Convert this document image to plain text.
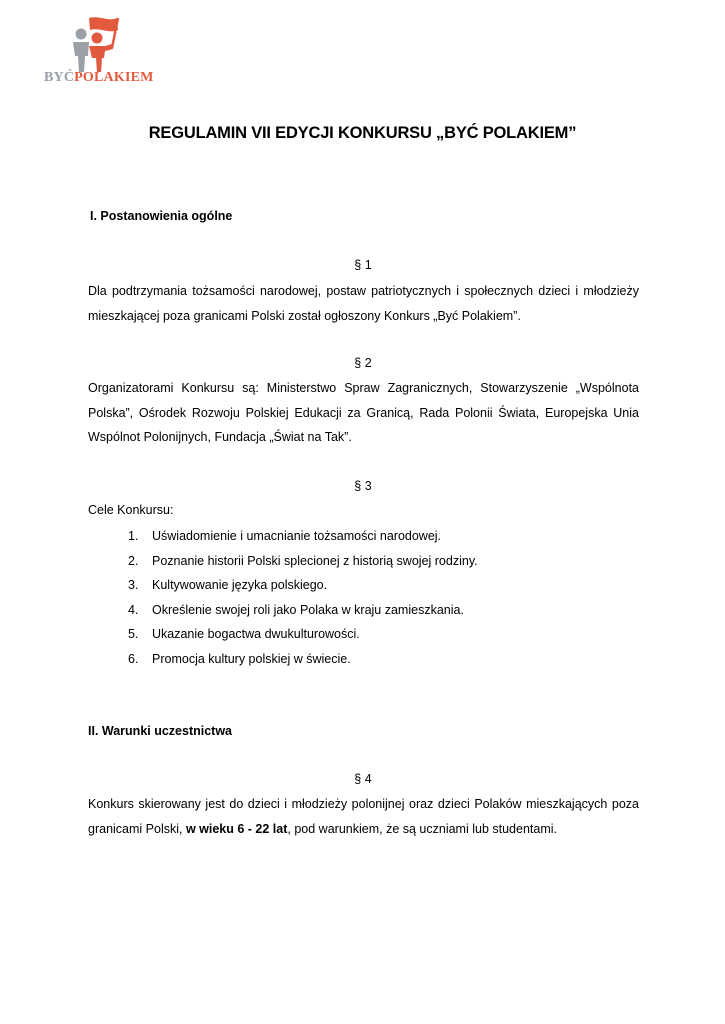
BYĆPOLAKIEM
REGULAMIN VII EDYCJI KONKURSU „BYĆ POLAKIEM”
I. Postanowienia ogólne
§ 1
Dla podtrzymania tożsamości narodowej, postaw patriotycznych i społecznych dzieci i młodzieży mieszkającej poza granicami Polski został ogłoszony Konkurs „Być Polakiem”.
§ 2
Organizatorami Konkursu są: Ministerstwo Spraw Zagranicznych, Stowarzyszenie „Wspólnota Polska”, Ośrodek Rozwoju Polskiej Edukacji za Granicą, Rada Polonii Świata, Europejska Unia Wspólnot Polonijnych, Fundacja „Świat na Tak”.
§ 3
Cele Konkursu:
1. Uświadomienie i umacnianie tożsamości narodowej.
2. Poznanie historii Polski splecionej z historią swojej rodziny.
3. Kultywowanie języka polskiego.
4. Określenie swojej roli jako Polaka w kraju zamieszkania.
5. Ukazanie bogactwa dwukulturowości.
6. Promocja kultury polskiej w świecie.
II. Warunki uczestnictwa
§ 4
Konkurs skierowany jest do dzieci i młodzieży polonijnej oraz dzieci Polaków mieszkających poza granicami Polski, w wieku 6 - 22 lat, pod warunkiem, że są uczniami lub studentami.
